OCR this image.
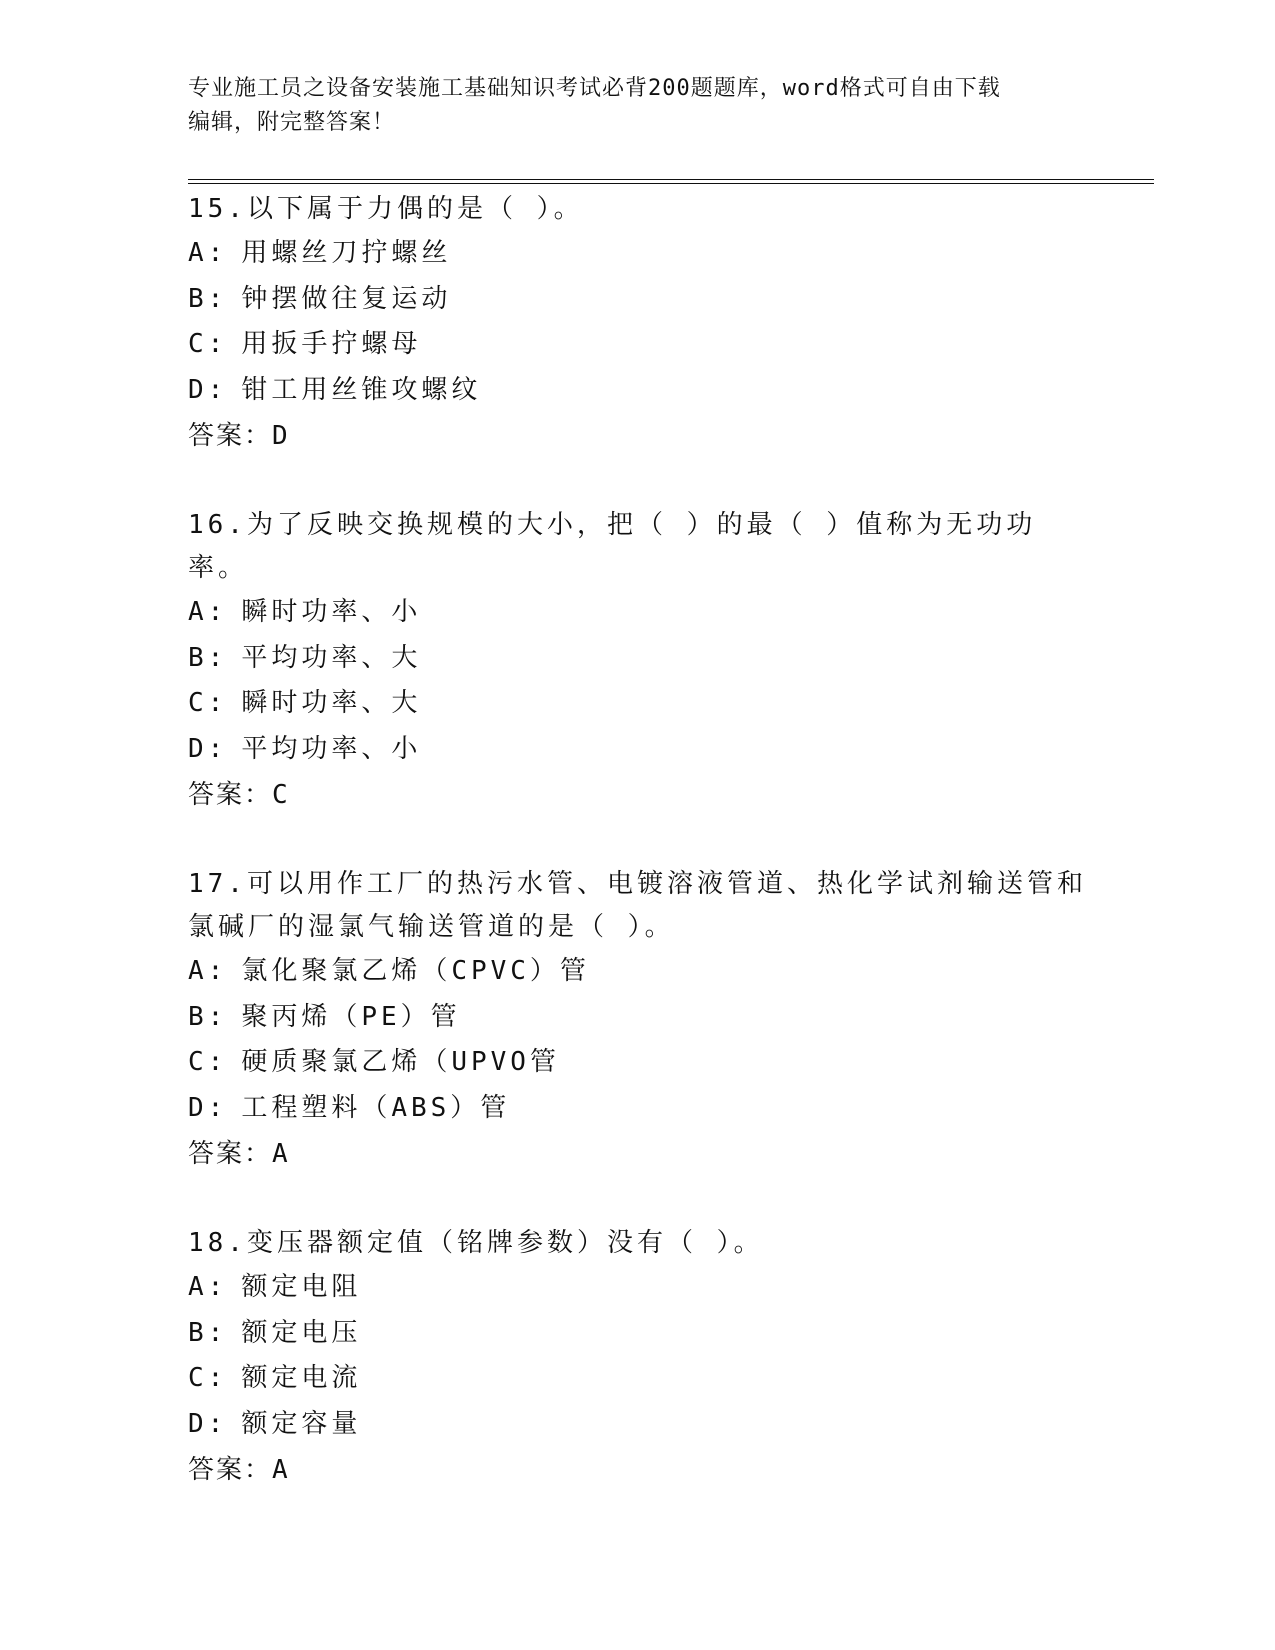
专业施工员之设备安装施工基础知识考试必背200题题库，word格式可自由下载
编辑，附完整答案！

15.以下属于力偶的是（ ）。

A: 用螺丝刀拧螺丝

B: 钟摆做往复运动

C: 用扳手拧螺母

D: 钳工用丝锥攻螺纹

答案：D

16.为了反映交换规模的大小，把（ ）的最（ ）值称为无功功率。

A: 瞬时功率、小

B: 平均功率、大

C: 瞬时功率、大

D: 平均功率、小

答案：C

17.可以用作工厂的热污水管、电镀溶液管道、热化学试剂输送管和氯碱厂的湿氯气输送管道的是（ ）。

A: 氯化聚氯乙烯（CPVC）管

B: 聚丙烯（PE）管

C: 硬质聚氯乙烯（UPVO管

D: 工程塑料（ABS）管

答案：A

18.变压器额定值（铭牌参数）没有（ ）。

A: 额定电阻

B: 额定电压

C: 额定电流

D: 额定容量

答案：A
